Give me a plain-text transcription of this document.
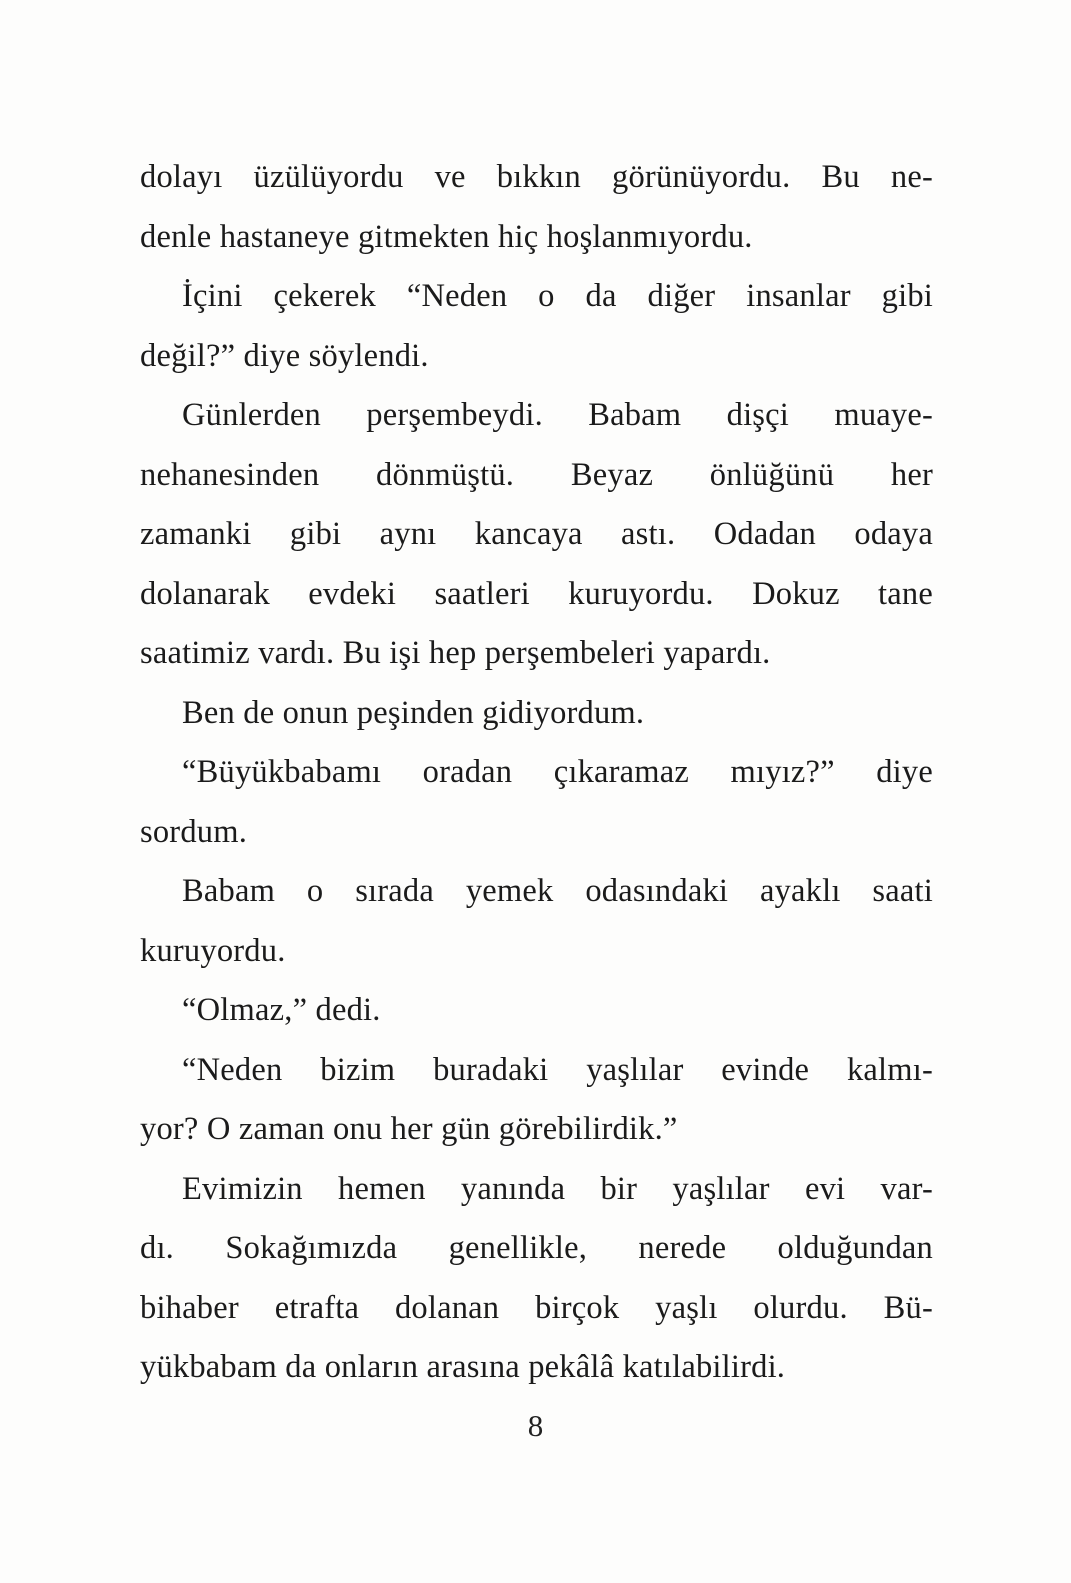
dolayı üzülüyordu ve bıkkın görünüyordu. Bu ne-
denle hastaneye gitmekten hiç hoşlanmıyordu.
İçini çekerek “Neden o da diğer insanlar gibi
değil?” diye söylendi.
Günlerden perşembeydi. Babam dişçi muaye-
nehanesinden dönmüştü. Beyaz önlüğünü her
zamanki gibi aynı kancaya astı. Odadan odaya
dolanarak evdeki saatleri kuruyordu. Dokuz tane
saatimiz vardı. Bu işi hep perşembeleri yapardı.
Ben de onun peşinden gidiyordum.
“Büyükbabamı oradan çıkaramaz mıyız?” diye
sordum.
Babam o sırada yemek odasındaki ayaklı saati
kuruyordu.
“Olmaz,” dedi.
“Neden bizim buradaki yaşlılar evinde kalmı-
yor? O zaman onu her gün görebilirdik.”
Evimizin hemen yanında bir yaşlılar evi var-
dı. Sokağımızda genellikle, nerede olduğundan
bihaber etrafta dolanan birçok yaşlı olurdu. Bü-
yükbabam da onların arasına pekâlâ katılabilirdi.
8
